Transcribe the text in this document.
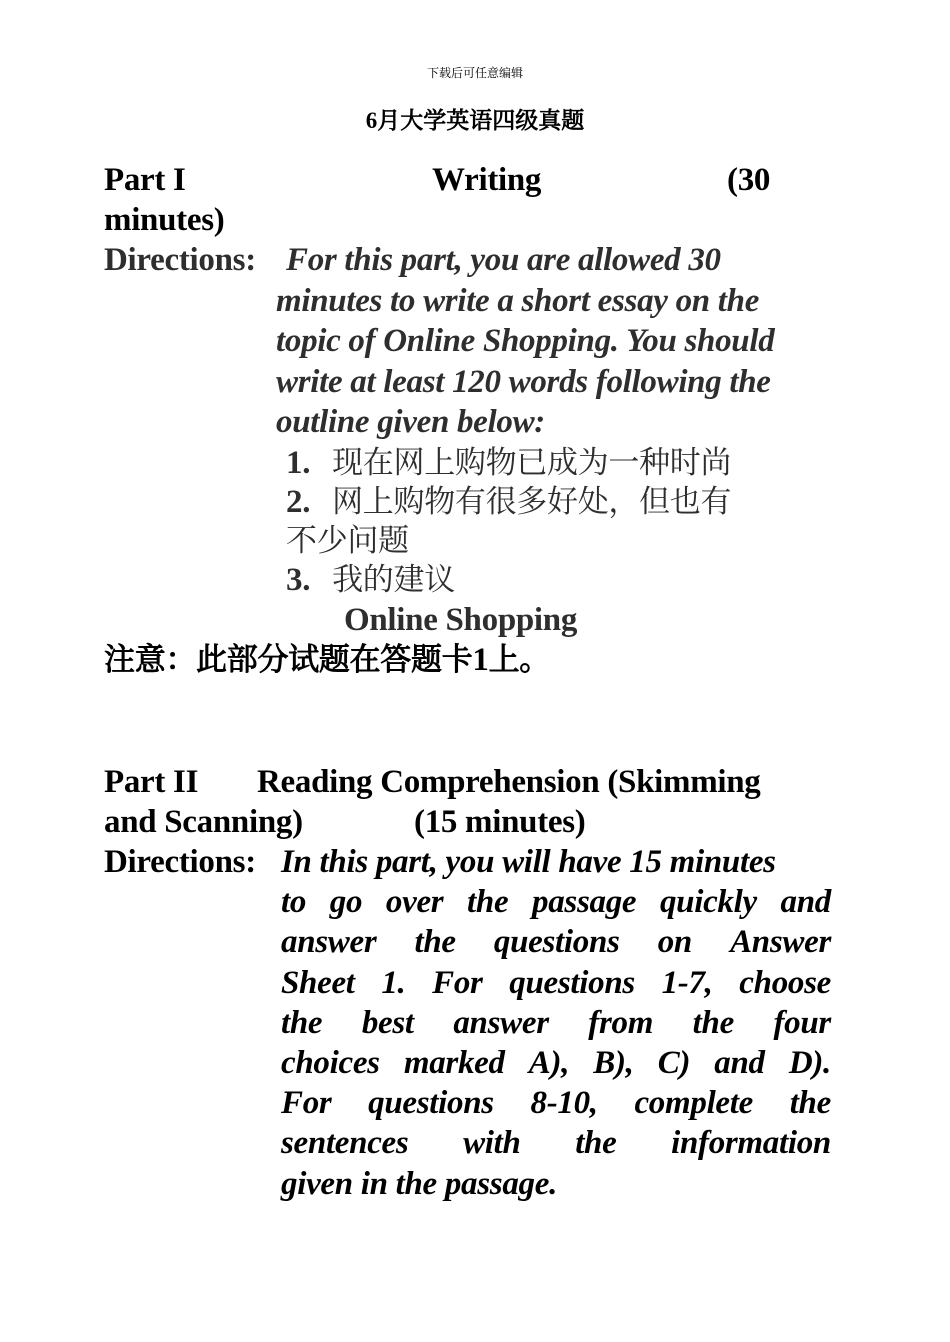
下载后可任意编辑
6月大学英语四级真题
Part I	Writing	(30
minutes)
Directions: For this part, you are allowed 30
minutes to write a short essay on the
topic of Online Shopping. You should
write at least 120 words following the
outline given below:
1. 现在网上购物已成为一种时尚
2. 网上购物有很多好处，但也有
不少问题
3. 我的建议
Online Shopping
注意：此部分试题在答题卡1上。
Part II Reading Comprehension (Skimming
and Scanning)	(15 minutes)
Directions: In this part, you will have 15 minutes
to go over the passage quickly and
answer the questions on Answer
Sheet 1. For questions 1-7, choose
the best answer from the four
choices marked A), B), C) and D).
For questions 8-10, complete the
sentences with the information
given in the passage.
